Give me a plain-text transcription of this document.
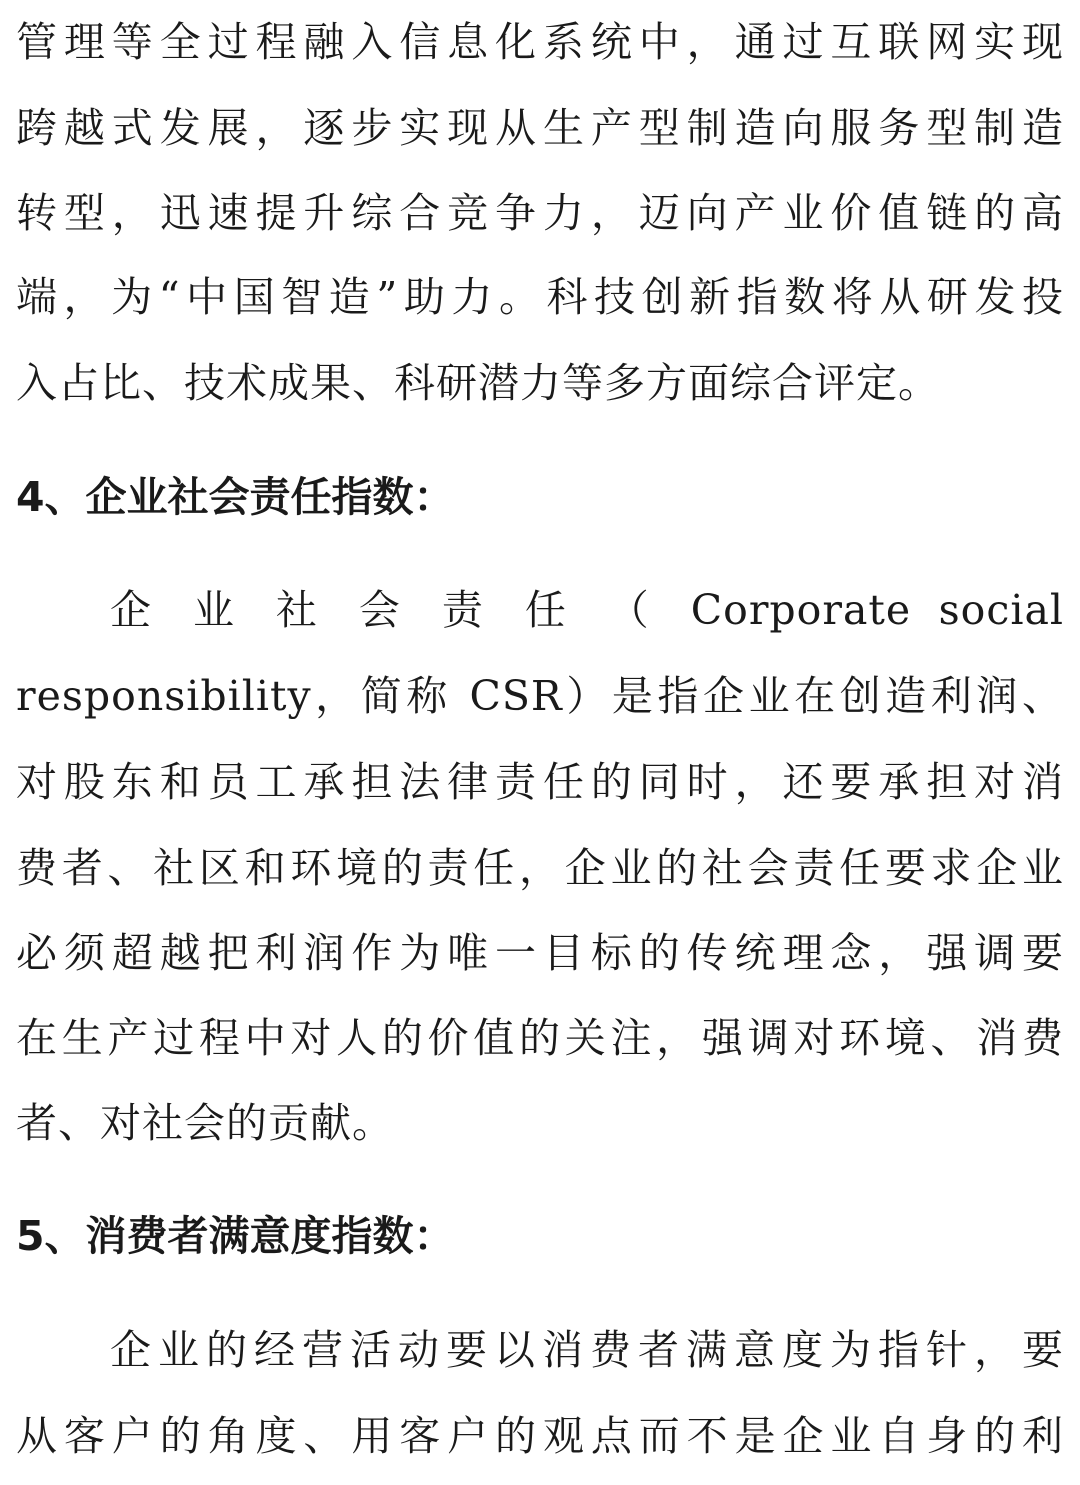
管理等全过程融入信息化系统中，通过互联网实现
跨越式发展，逐步实现从生产型制造向服务型制造
转型，迅速提升综合竞争力，迈向产业价值链的高
端，为“中国智造”助力。科技创新指数将从研发投
入占比、技术成果、科研潜力等多方面综合评定。
4、企业社会责任指数：
企 业 社 会 责 任 （ Corporate social
responsibility，简称 CSR）是指企业在创造利润、
对股东和员工承担法律责任的同时，还要承担对消
费者、社区和环境的责任，企业的社会责任要求企业
必须超越把利润作为唯一目标的传统理念，强调要
在生产过程中对人的价值的关注，强调对环境、消费
者、对社会的贡献。
5、消费者满意度指数：
企业的经营活动要以消费者满意度为指针，要
从客户的角度、用客户的观点而不是企业自身的利
